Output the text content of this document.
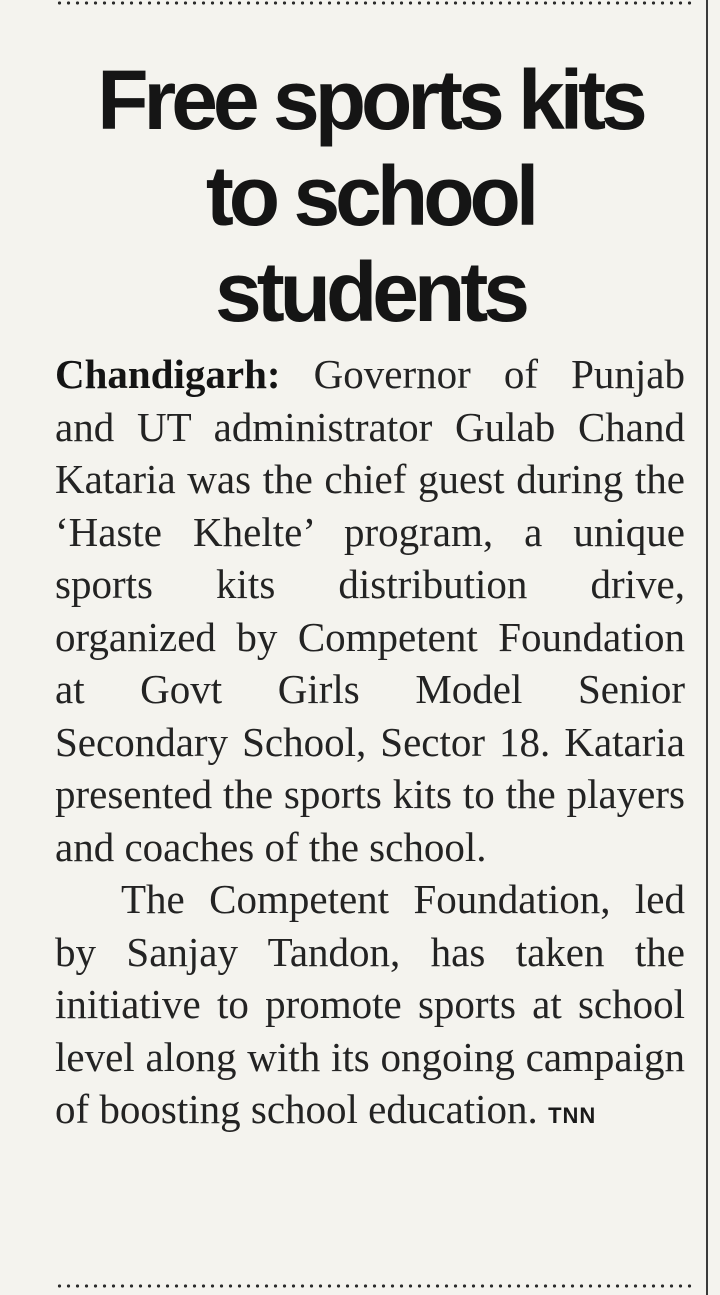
Free sports kits to school students

Chandigarh: Governor of Punjab and UT administrator Gulab Chand Kataria was the chief guest during the ‘Haste Khelte’ program, a unique sports kits distribution drive, organized by Competent Foundation at Govt Girls Model Senior Secondary School, Sector 18. Kataria presented the sports kits to the players and coaches of the school.

The Competent Foundation, led by Sanjay Tandon, has taken the initiative to promote sports at school level along with its ongoing campaign of boosting school education. TNN
